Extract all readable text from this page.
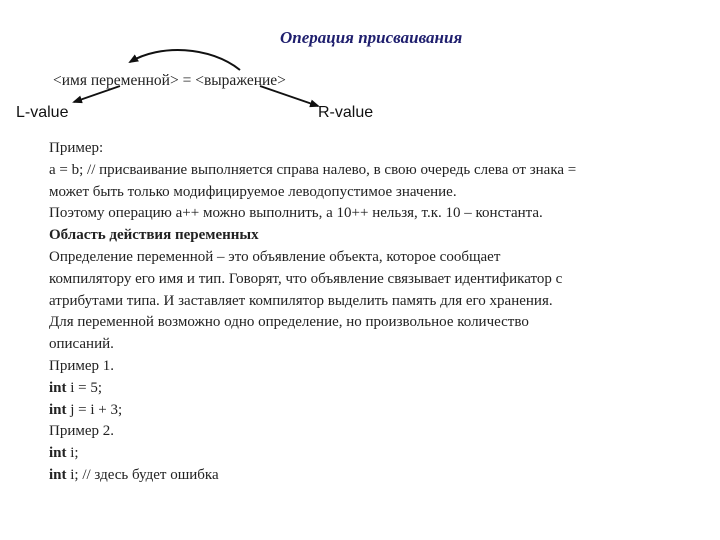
Операция присваивания
<имя переменной> = <выражение>
L-value	R-value
Пример:
a = b; // присваивание выполняется справа налево, в свою очередь слева от знака =
может быть только модифицируемое леводопустимое значение.
Поэтому операцию a++ можно выполнить, а 10++ нельзя, т.к. 10 – константа.
Область действия переменных
Определение переменной – это объявление объекта, которое сообщает
компилятору его имя и тип. Говорят, что объявление связывает идентификатор с
атрибутами типа. И заставляет компилятор выделить память для его хранения.
Для переменной возможно одно определение, но произвольное количество
описаний.
Пример 1.
int i = 5;
int j = i + 3;
Пример 2.
int i;
int i; // здесь будет ошибка
